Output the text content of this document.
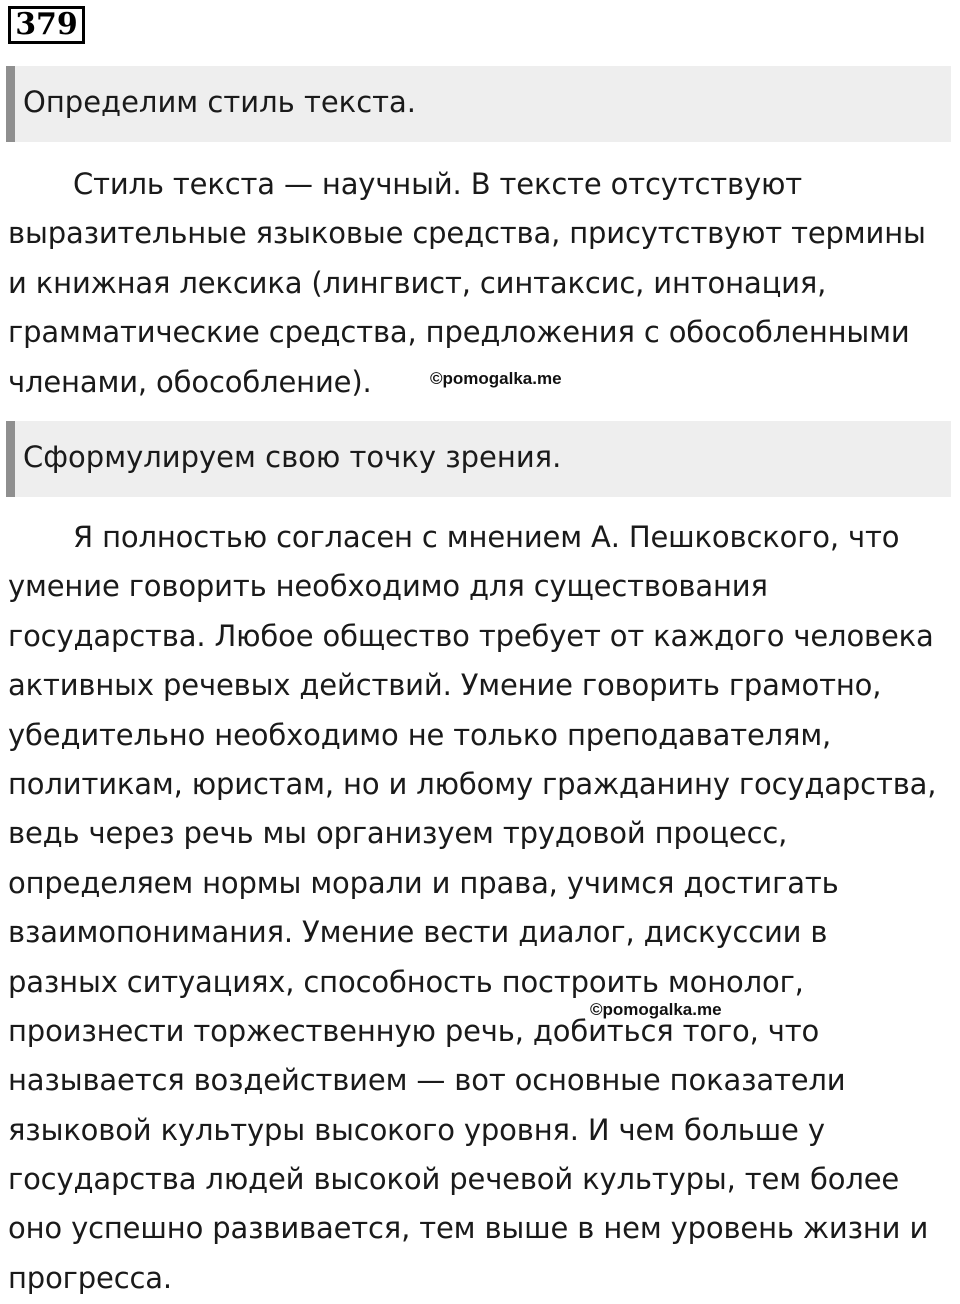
379
Определим стиль текста.
Стиль текста — научный. В тексте отсутствуют
выразительные языковые средства, присутствуют термины
и книжная лексика (лингвист, синтаксис, интонация,
грамматические средства, предложения с обособленными
членами, обособление).	©pomogalka.me
Сформулируем свою точку зрения.
Я полностью согласен с мнением А. Пешковского, что
умение говорить необходимо для существования
государства. Любое общество требует от каждого человека
активных речевых действий. Умение говорить грамотно,
убедительно необходимо не только преподавателям,
политикам, юристам, но и любому гражданину государства,
ведь через речь мы организуем трудовой процесс,
определяем нормы морали и права, учимся достигать
взаимопонимания. Умение вести диалог, дискуссии в
разных ситуациях, способность построить монолог,
произнести торжественную речь, добиться того, что
называется воздействием — вот основные показатели
языковой культуры высокого уровня. И чем больше у
государства людей высокой речевой культуры, тем более
оно успешно развивается, тем выше в нем уровень жизни и
прогресса.
©pomogalka.me
